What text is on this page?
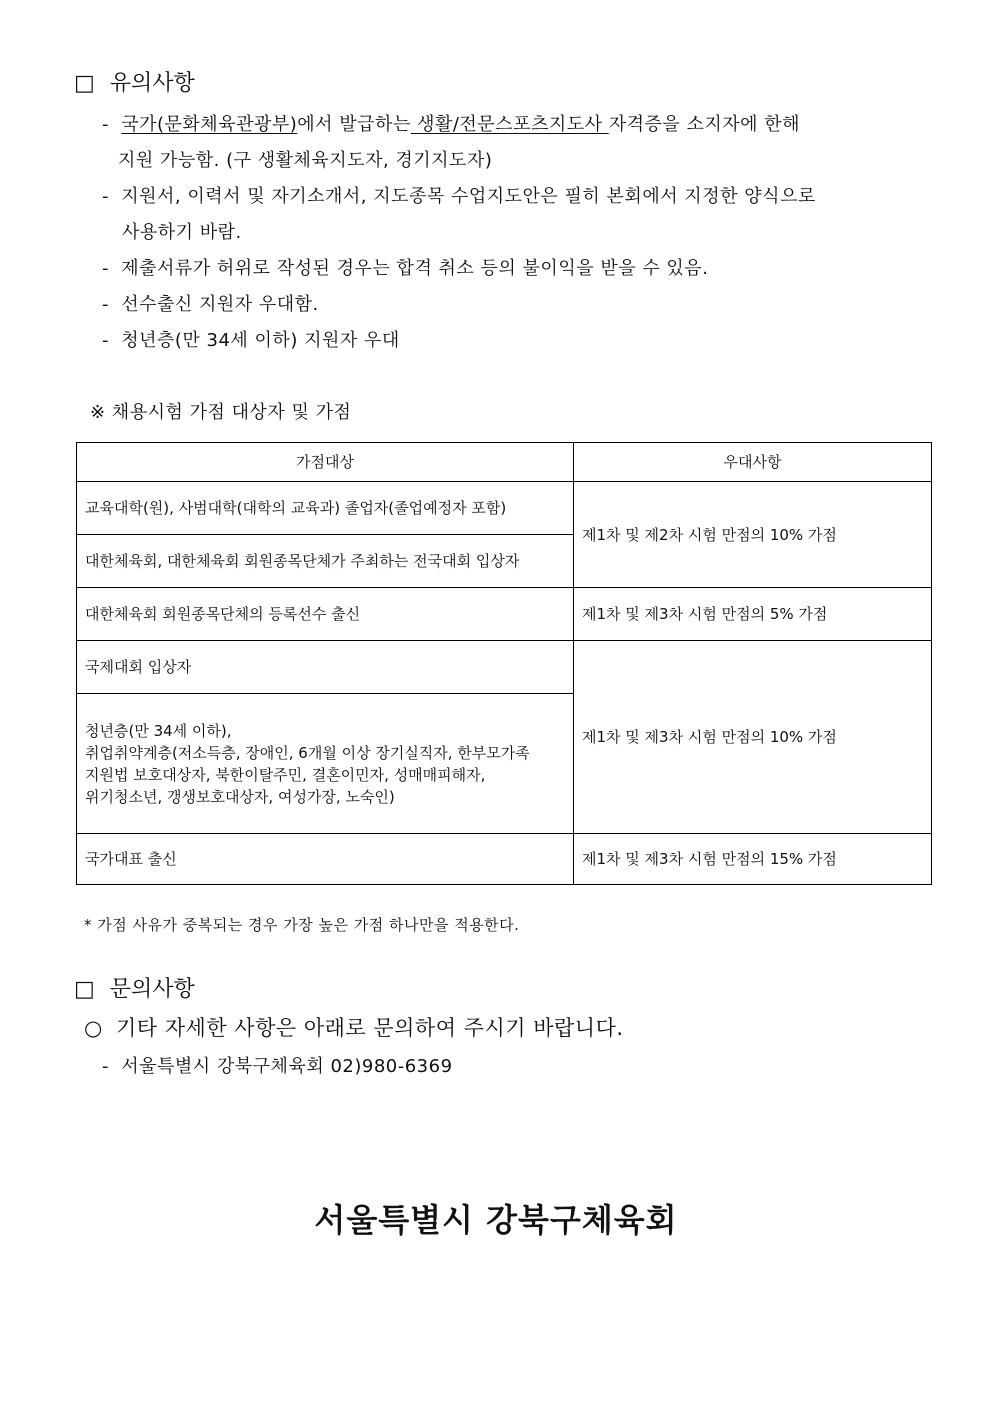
□ 유의사항
- 국가(문화체육관광부)에서 발급하는 생활/전문스포츠지도사 자격증을 소지자에 한해
지원 가능함. (구 생활체육지도자, 경기지도자)
- 지원서, 이력서 및 자기소개서, 지도종목 수업지도안은 필히 본회에서 지정한 양식으로
사용하기 바람.
- 제출서류가 허위로 작성된 경우는 합격 취소 등의 불이익을 받을 수 있음.
- 선수출신 지원자 우대함.
- 청년층(만 34세 이하) 지원자 우대
※ 채용시험 가점 대상자 및 가점
가점대상	우대사항
교육대학(원), 사범대학(대학의 교육과) 졸업자(졸업예정자 포함)	제1차 및 제2차 시험 만점의 10% 가점
대한체육회, 대한체육회 회원종목단체가 주최하는 전국대회 입상자	
대한체육회 회원종목단체의 등록선수 출신	제1차 및 제3차 시험 만점의 5% 가점
국제대회 입상자	제1차 및 제3차 시험 만점의 10% 가점

청년층(만 34세 이하),
취업취약계층(저소득층, 장애인, 6개월 이상 장기실직자, 한부모가족
지원법 보호대상자, 북한이탈주민, 결혼이민자, 성매매피해자,
위기청소년, 갱생보호대상자, 여성가장, 노숙인)	

국가대표 출신	제1차 및 제3차 시험 만점의 15% 가점
* 가점 사유가 중복되는 경우 가장 높은 가점 하나만을 적용한다.
□ 문의사항
○ 기타 자세한 사항은 아래로 문의하여 주시기 바랍니다.
- 서울특별시 강북구체육회 02)980-6369
서울특별시 강북구체육회
